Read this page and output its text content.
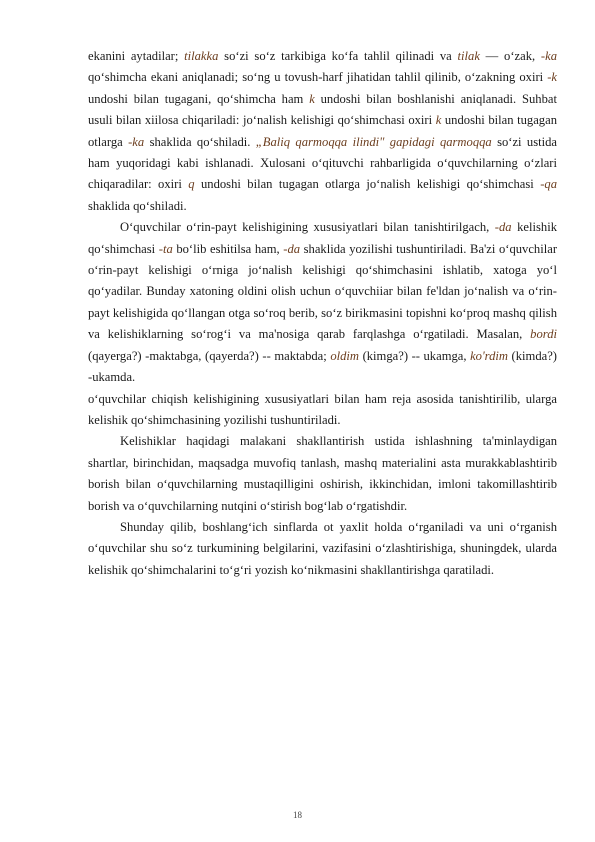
ekanini aytadilar; tilakka so‘zi so‘z tarkibiga ko‘fa tahlil qilinadi va tilak — o‘zak, -ka qo‘shimcha ekani aniqlanadi; so‘ng u tovush-harf jihatidan tahlil qilinib, o‘zakning oxiri -k undoshi bilan tugagani, qo‘shimcha ham k undoshi bilan boshlanishi aniqlanadi. Suhbat usuli bilan xiilosa chiqariladi: jo‘nalish kelishigi qo‘shimchasi oxiri k undoshi bilan tugagan otlarga -ka shaklida qo‘shiladi. „Baliq qarmoqqa ilindi" gapidagi qarmoqqa so‘zi ustida ham yuqoridagi kabi ishlanadi. Xulosani o‘qituvchi rahbarligida o‘quvchilarning o‘zlari chiqaradilar: oxiri q undoshi bilan tugagan otlarga jo‘nalish kelishigi qo‘shimchasi -qa shaklida qo‘shiladi.

O‘quvchilar o‘rin-payt kelishigining xususiyatlari bilan tanishtirilgach, -da kelishik qo‘shimchasi -ta bo‘lib eshitilsa ham, -da shaklida yozilishi tushuntiriladi. Ba'zi o‘quvchilar o‘rin-payt kelishigi o‘rniga jo‘nalish kelishigi qo‘shimchasini ishlatib, xatoga yo‘l qo‘yadilar. Bunday xatoning oldini olish uchun o‘quvchiiar bilan fe'ldan jo‘nalish va o‘rin-payt kelishigida qo‘llangan otga so‘roq berib, so‘z birikmasini topishni ko‘proq mashq qilish va kelishiklarning so‘rog‘i va ma'nosiga qarab farqlashga o‘rgatiladi. Masalan, bordi (qayerga?) -maktabga, (qayerda?) -- maktabda; oldim (kimga?) -- ukamga, ko'rdim (kimda?) -ukamda.

o‘quvchilar chiqish kelishigining xususiyatlari bilan ham reja asosida tanishtirilib, ularga kelishik qo‘shimchasining yozilishi tushuntiriladi.

Kelishiklar haqidagi malakani shakllantirish ustida ishlashning ta'minlaydigan shartlar, birinchidan, maqsadga muvofiq tanlash, mashq materialini asta murakkablashtirib borish bilan o‘quvchilarning mustaqilligini oshirish, ikkinchidan, imloni takomillashtirib borish va o‘quvchilarning nutqini o‘stirish bog‘lab o‘rgatishdir.

Shunday qilib, boshlang‘ich sinflarda ot yaxlit holda o‘rganiladi va uni o‘rganish o‘quvchilar shu so‘z turkumining belgilarini, vazifasini o‘zlashtirishiga, shuningdek, ularda kelishik qo‘shimchalarini to‘g‘ri yozish ko‘nikmasini shakllantirishga qaratiladi.

18
